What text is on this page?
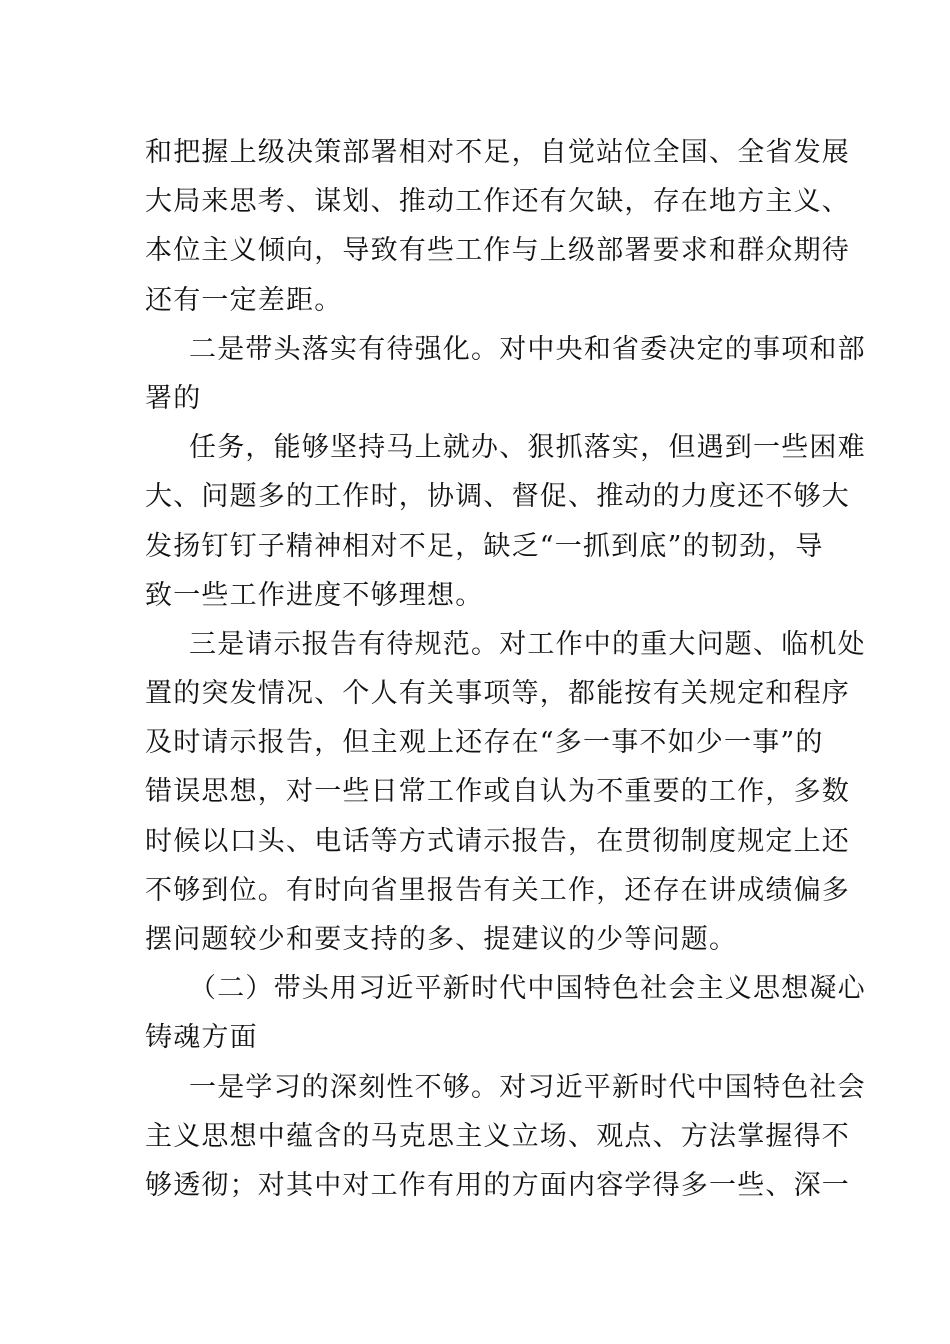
和把握上级决策部署相对不足，自觉站位全国、全省发展
大局来思考、谋划、推动工作还有欠缺，存在地方主义、
本位主义倾向，导致有些工作与上级部署要求和群众期待
还有一定差距。
二是带头落实有待强化。对中央和省委决定的事项和部
署的
任务，能够坚持马上就办、狠抓落实，但遇到一些困难
大、问题多的工作时，协调、督促、推动的力度还不够大
发扬钉钉子精神相对不足，缺乏“一抓到底”的韧劲，导
致一些工作进度不够理想。
三是请示报告有待规范。对工作中的重大问题、临机处
置的突发情况、个人有关事项等，都能按有关规定和程序
及时请示报告，但主观上还存在“多一事不如少一事”的
错误思想，对一些日常工作或自认为不重要的工作，多数
时候以口头、电话等方式请示报告，在贯彻制度规定上还
不够到位。有时向省里报告有关工作，还存在讲成绩偏多
摆问题较少和要支持的多、提建议的少等问题。
（二）带头用习近平新时代中国特色社会主义思想凝心
铸魂方面
一是学习的深刻性不够。对习近平新时代中国特色社会
主义思想中蕴含的马克思主义立场、观点、方法掌握得不
够透彻；对其中对工作有用的方面内容学得多一些、深一
